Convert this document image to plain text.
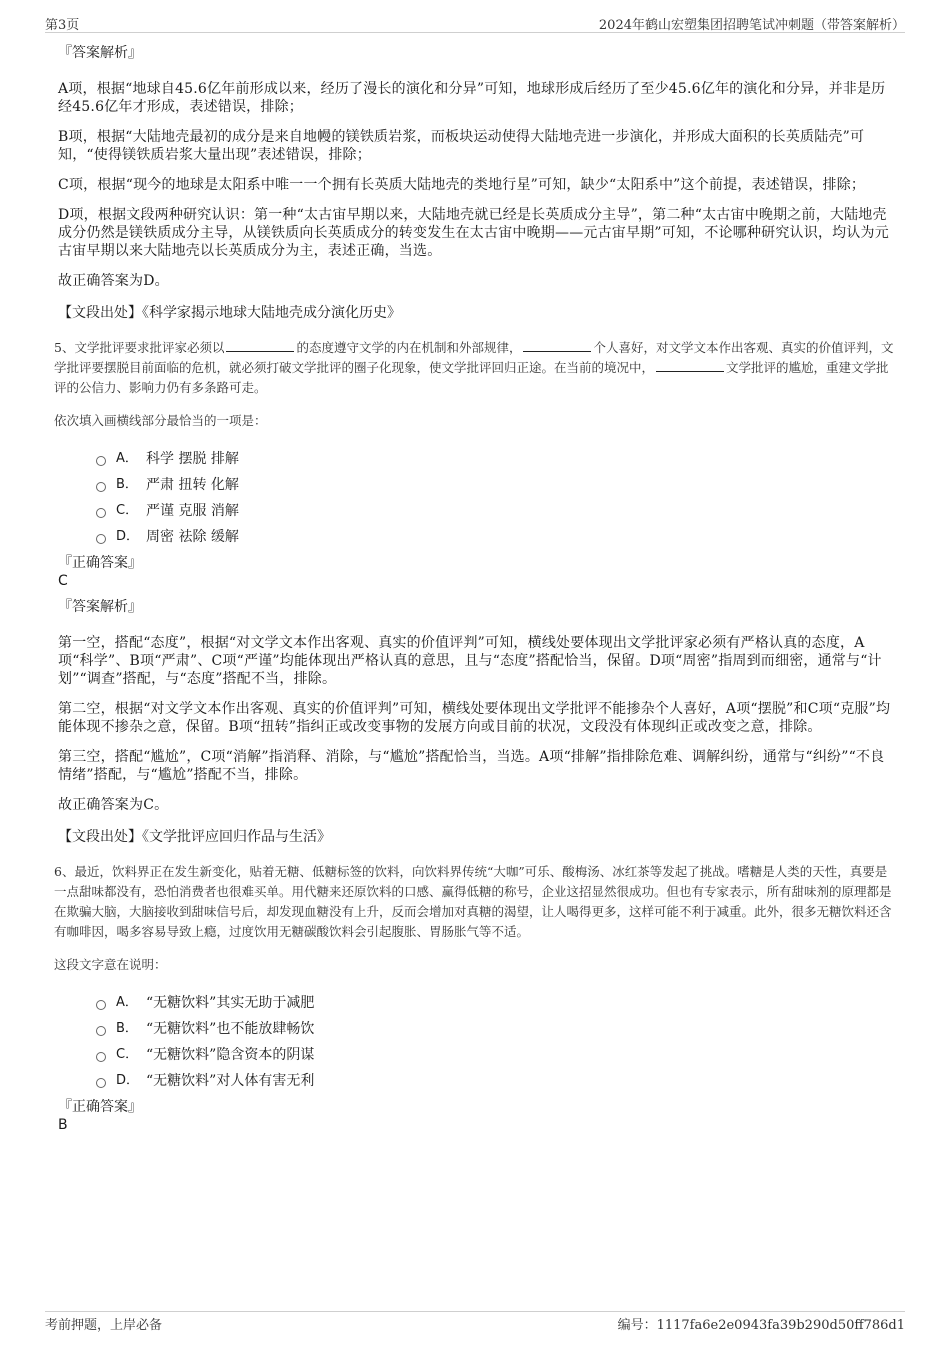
第3页	2024年鹤山宏塑集团招聘笔试冲刺题（带答案解析）

『答案解析』

A项，根据“地球自45.6亿年前形成以来，经历了漫长的演化和分异”可知，地球形成后经历了至少45.6亿年的演化和分异，并非是历经45.6亿年才形成，表述错误，排除；

B项，根据“大陆地壳最初的成分是来自地幔的镁铁质岩浆，而板块运动使得大陆地壳进一步演化，并形成大面积的长英质陆壳”可知，“使得镁铁质岩浆大量出现”表述错误，排除；

C项，根据“现今的地球是太阳系中唯一一个拥有长英质大陆地壳的类地行星”可知，缺少“太阳系中”这个前提，表述错误，排除；

D项，根据文段两种研究认识：第一种“太古宙早期以来，大陆地壳就已经是长英质成分主导”，第二种“太古宙中晚期之前，大陆地壳成分仍然是镁铁质成分主导，从镁铁质向长英质成分的转变发生在太古宙中晚期——元古宙早期”可知，不论哪种研究认识，均认为元古宙早期以来大陆地壳以长英质成分为主，表述正确，当选。

故正确答案为D。

【文段出处】《科学家揭示地球大陆地壳成分演化历史》

5、文学批评要求批评家必须以	的态度遵守文学的内在机制和外部规律，	个人喜好，对文学文本作出客观、真实的价值评判，文学批评要摆脱目前面临的危机，就必须打破文学批评的圈子化现象，使文学批评回归正途。在当前的境况中，	文学批评的尴尬，重建文学批评的公信力、影响力仍有多条路可走。

依次填入画横线部分最恰当的一项是：

A． 科学 摆脱 排解
B． 严肃 扭转 化解
C． 严谨 克服 消解
D． 周密 祛除 缓解

『正确答案』

C

『答案解析』

第一空，搭配“态度”，根据“对文学文本作出客观、真实的价值评判”可知，横线处要体现出文学批评家必须有严格认真的态度，A项“科学”、B项“严肃”、C项“严谨”均能体现出严格认真的意思，且与“态度”搭配恰当，保留。D项“周密”指周到而细密，通常与“计划”“调查”搭配，与“态度”搭配不当，排除。

第二空，根据“对文学文本作出客观、真实的价值评判”可知，横线处要体现出文学批评不能掺杂个人喜好，A项“摆脱”和C项“克服”均能体现不掺杂之意，保留。B项“扭转”指纠正或改变事物的发展方向或目前的状况，文段没有体现纠正或改变之意，排除。

第三空，搭配“尴尬”，C项“消解”指消释、消除，与“尴尬”搭配恰当，当选。A项“排解”指排除危难、调解纠纷，通常与“纠纷”“不良情绪”搭配，与“尴尬”搭配不当，排除。

故正确答案为C。

【文段出处】《文学批评应回归作品与生活》

6、最近，饮料界正在发生新变化，贴着无糖、低糖标签的饮料，向饮料界传统“大咖”可乐、酸梅汤、冰红茶等发起了挑战。嗜糖是人类的天性，真要是一点甜味都没有，恐怕消费者也很难买单。用代糖来还原饮料的口感、赢得低糖的称号，企业这招显然很成功。但也有专家表示，所有甜味剂的原理都是在欺骗大脑，大脑接收到甜味信号后，却发现血糖没有上升，反而会增加对真糖的渴望，让人喝得更多，这样可能不利于减重。此外，很多无糖饮料还含有咖啡因，喝多容易导致上瘾，过度饮用无糖碳酸饮料会引起腹胀、胃肠胀气等不适。

这段文字意在说明：

A． “无糖饮料”其实无助于减肥
B． “无糖饮料”也不能放肆畅饮
C． “无糖饮料”隐含资本的阴谋
D． “无糖饮料”对人体有害无利

『正确答案』

B

考前押题，上岸必备	编号：1117fa6e2e0943fa39b290d50ff786d1
